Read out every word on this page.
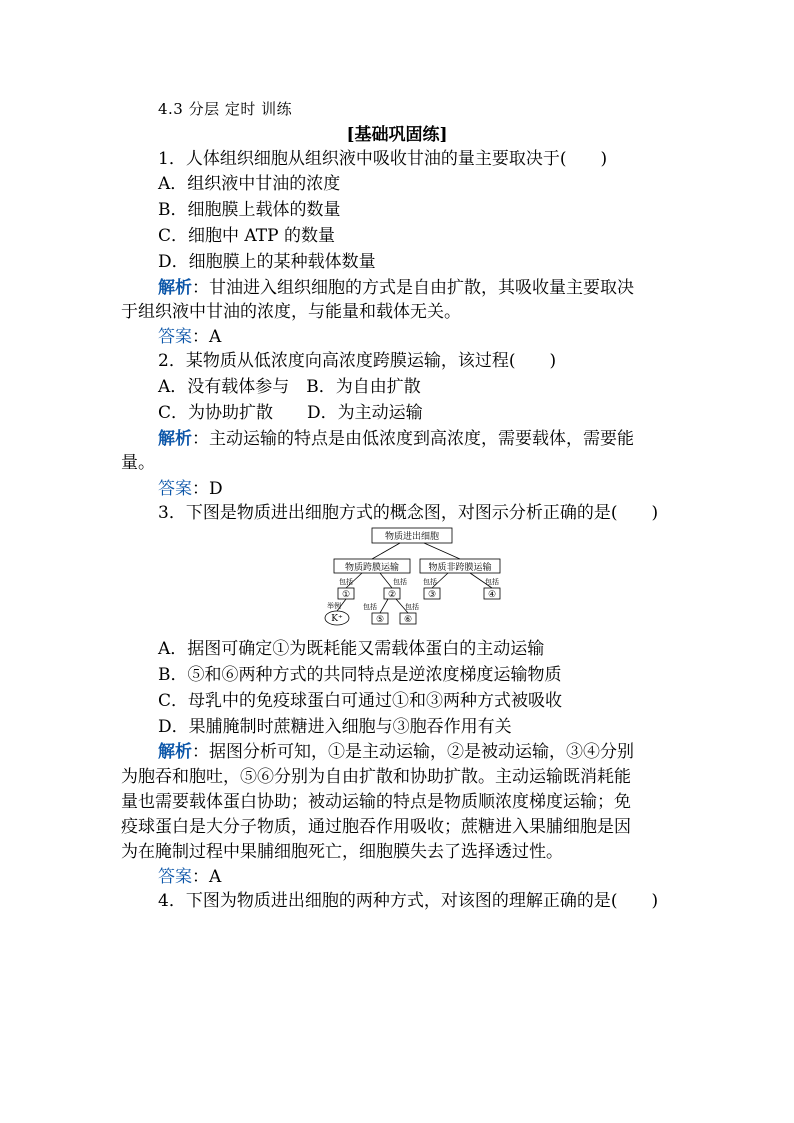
4.3 分层 定时 训练
[基础巩固练]
1．人体组织细胞从组织液中吸收甘油的量主要取决于(　　)
A．组织液中甘油的浓度
B．细胞膜上载体的数量
C．细胞中 ATP 的数量
D．细胞膜上的某种载体数量
解析：甘油进入组织细胞的方式是自由扩散，其吸收量主要取决
于组织液中甘油的浓度，与能量和载体无关。
答案：A
2．某物质从低浓度向高浓度跨膜运输，该过程(　　)
A．没有载体参与　B．为自由扩散
C．为协助扩散　　D．为主动运输
解析：主动运输的特点是由低浓度到高浓度，需要载体，需要能
量。
答案：D
3．下图是物质进出细胞方式的概念图，对图示分析正确的是(　　)
物质进出细胞
物质跨膜运输	物质非跨膜运输
①	②	③	④
K⁺	⑤ ⑥
包括	包括 包括	包括
举例	包括	包括
A．据图可确定①为既耗能又需载体蛋白的主动运输
B．⑤和⑥两种方式的共同特点是逆浓度梯度运输物质
C．母乳中的免疫球蛋白可通过①和③两种方式被吸收
D．果脯腌制时蔗糖进入细胞与③胞吞作用有关
解析：据图分析可知，①是主动运输，②是被动运输，③④分别
为胞吞和胞吐，⑤⑥分别为自由扩散和协助扩散。主动运输既消耗能
量也需要载体蛋白协助；被动运输的特点是物质顺浓度梯度运输；免
疫球蛋白是大分子物质，通过胞吞作用吸收；蔗糖进入果脯细胞是因
为在腌制过程中果脯细胞死亡，细胞膜失去了选择透过性。
答案：A
4．下图为物质进出细胞的两种方式，对该图的理解正确的是(　　)
